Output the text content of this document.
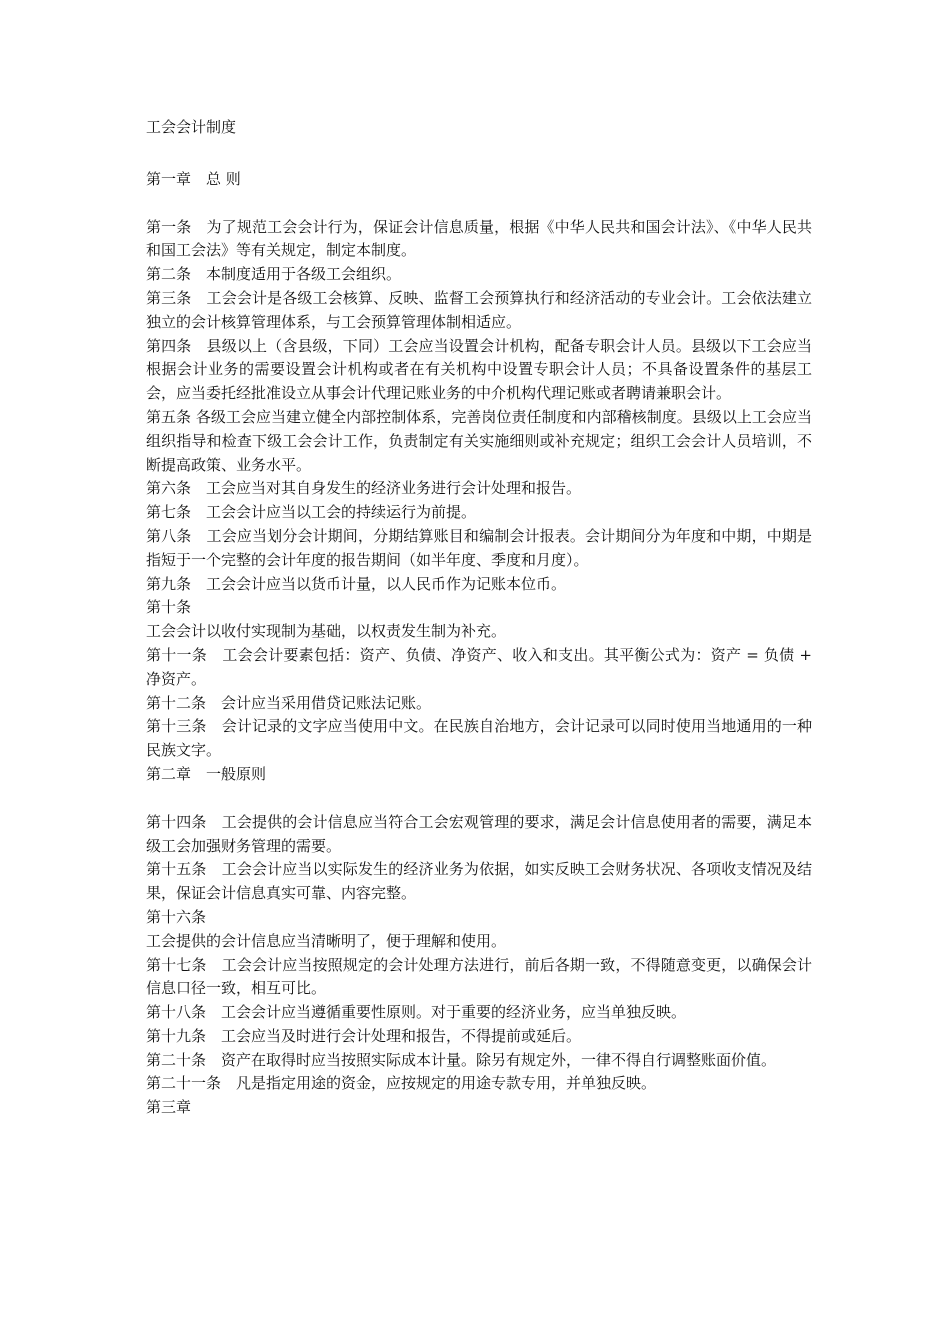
工会会计制度

第一章　总 则

第一条　为了规范工会会计行为，保证会计信息质量，根据《中华人民共和国会计法》、《中华人民共和国工会法》等有关规定，制定本制度。

第二条　本制度适用于各级工会组织。

第三条　工会会计是各级工会核算、反映、监督工会预算执行和经济活动的专业会计。工会依法建立独立的会计核算管理体系，与工会预算管理体制相适应。

第四条　县级以上（含县级，下同）工会应当设置会计机构，配备专职会计人员。县级以下工会应当根据会计业务的需要设置会计机构或者在有关机构中设置专职会计人员；不具备设置条件的基层工会，应当委托经批准设立从事会计代理记账业务的中介机构代理记账或者聘请兼职会计。

第五条 各级工会应当建立健全内部控制体系，完善岗位责任制度和内部稽核制度。县级以上工会应当组织指导和检查下级工会会计工作，负责制定有关实施细则或补充规定；组织工会会计人员培训，不断提高政策、业务水平。

第六条　工会应当对其自身发生的经济业务进行会计处理和报告。

第七条　工会会计应当以工会的持续运行为前提。

第八条　工会应当划分会计期间，分期结算账目和编制会计报表。会计期间分为年度和中期，中期是指短于一个完整的会计年度的报告期间（如半年度、季度和月度）。

第九条　工会会计应当以货币计量，以人民币作为记账本位币。

第十条

工会会计以收付实现制为基础，以权责发生制为补充。

第十一条　工会会计要素包括：资产、负债、净资产、收入和支出。其平衡公式为：资产 = 负债 + 净资产。

第十二条　会计应当采用借贷记账法记账。

第十三条　会计记录的文字应当使用中文。在民族自治地方，会计记录可以同时使用当地通用的一种民族文字。

第二章　一般原则

第十四条　工会提供的会计信息应当符合工会宏观管理的要求，满足会计信息使用者的需要，满足本级工会加强财务管理的需要。

第十五条　工会会计应当以实际发生的经济业务为依据，如实反映工会财务状况、各项收支情况及结果，保证会计信息真实可靠、内容完整。

第十六条

工会提供的会计信息应当清晰明了，便于理解和使用。

第十七条　工会会计应当按照规定的会计处理方法进行，前后各期一致，不得随意变更，以确保会计信息口径一致，相互可比。

第十八条　工会会计应当遵循重要性原则。对于重要的经济业务，应当单独反映。

第十九条　工会应当及时进行会计处理和报告，不得提前或延后。

第二十条　资产在取得时应当按照实际成本计量。除另有规定外，一律不得自行调整账面价值。

第二十一条　凡是指定用途的资金，应按规定的用途专款专用，并单独反映。

第三章
